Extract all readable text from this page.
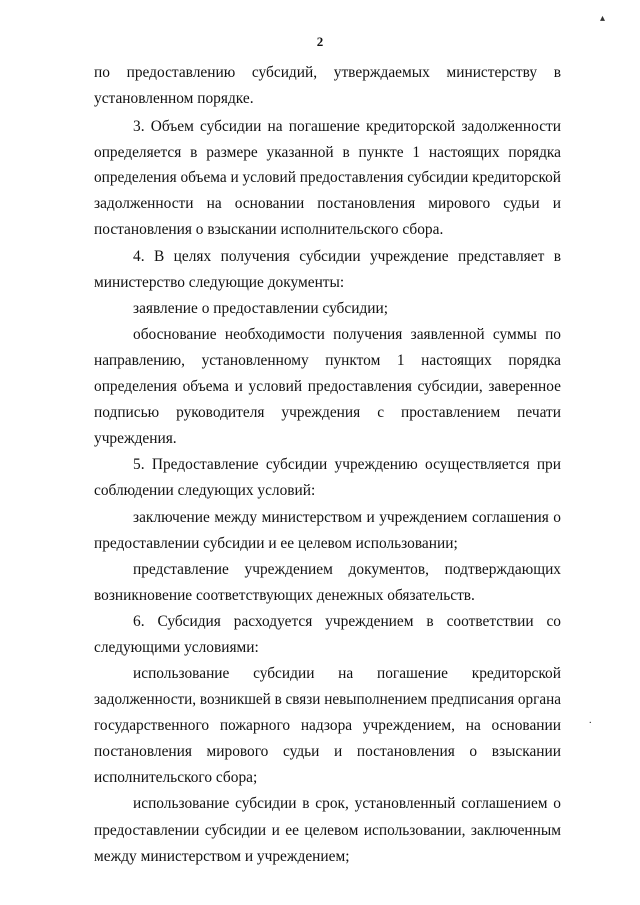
2
▴
.
по предоставлению субсидий, утверждаемых министерству в
установленном порядке.
3. Объем субсидии на погашение кредиторской задолженности
определяется в размере указанной в пункте 1 настоящих порядка
определения объема и условий предоставления субсидии кредиторской
задолженности на основании постановления мирового судьи и
постановления о взыскании исполнительского сбора.
4. В целях получения субсидии учреждение представляет в
министерство следующие документы:
заявление о предоставлении субсидии;
обоснование необходимости получения заявленной суммы по
направлению, установленному пунктом 1 настоящих порядка
определения объема и условий предоставления субсидии, заверенное
подписью руководителя учреждения с проставлением печати
учреждения.
5. Предоставление субсидии учреждению осуществляется при
соблюдении следующих условий:
заключение между министерством и учреждением соглашения о
предоставлении субсидии и ее целевом использовании;
представление учреждением документов, подтверждающих
возникновение соответствующих денежных обязательств.
6. Субсидия расходуется учреждением в соответствии со
следующими условиями:
использование субсидии на погашение кредиторской
задолженности, возникшей в связи невыполнением предписания органа
государственного пожарного надзора учреждением, на основании
постановления мирового судьи и постановления о взыскании
исполнительского сбора;
использование субсидии в срок, установленный соглашением о
предоставлении субсидии и ее целевом использовании, заключенным
между министерством и учреждением;
